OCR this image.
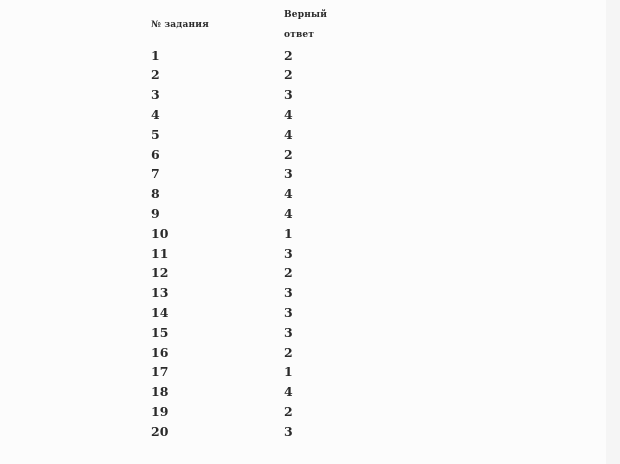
№ задания	Верный ответ
1	2
2	2
3	3
4	4
5	4
6	2
7	3
8	4
9	4
10	1
11	3
12	2
13	3
14	3
15	3
16	2
17	1
18	4
19	2
20	3
